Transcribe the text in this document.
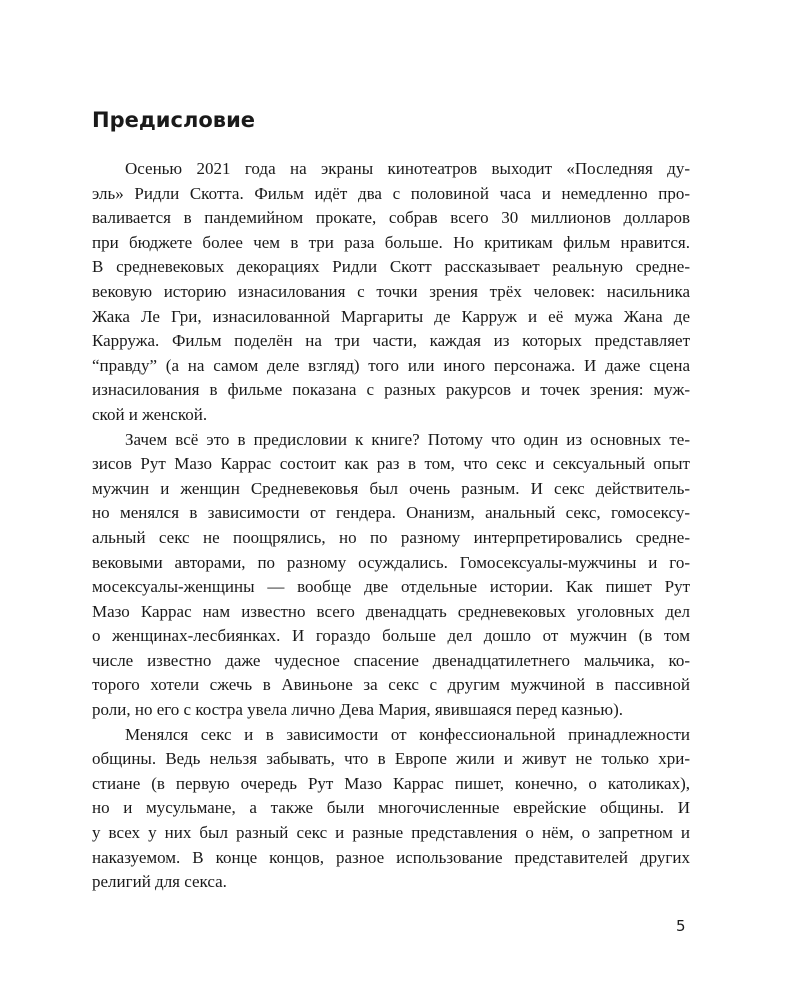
Предисловие
Осенью 2021 года на экраны кинотеатров выходит «Последняя ду-
эль» Ридли Скотта. Фильм идёт два с половиной часа и немедленно про-
валивается в пандемийном прокате, собрав всего 30 миллионов долларов
при бюджете более чем в три раза больше. Но критикам фильм нравится.
В средневековых декорациях Ридли Скотт рассказывает реальную средне-
вековую историю изнасилования с точки зрения трёх человек: насильника
Жака Ле Гри, изнасилованной Маргариты де Карруж и её мужа Жана де
Карружа. Фильм поделён на три части, каждая из которых представляет
“правду” (а на самом деле взгляд) того или иного персонажа. И даже сцена
изнасилования в фильме показана с разных ракурсов и точек зрения: муж-
ской и женской.
Зачем всё это в предисловии к книге? Потому что один из основных те-
зисов Рут Мазо Каррас состоит как раз в том, что секс и сексуальный опыт
мужчин и женщин Средневековья был очень разным. И секс действитель-
но менялся в зависимости от гендера. Онанизм, анальный секс, гомосексу-
альный секс не поощрялись, но по разному интерпретировались средне-
вековыми авторами, по разному осуждались. Гомосексуалы-мужчины и го-
мосексуалы-женщины — вообще две отдельные истории. Как пишет Рут
Мазо Каррас нам известно всего двенадцать средневековых уголовных дел
о женщинах-лесбиянках. И гораздо больше дел дошло от мужчин (в том
числе известно даже чудесное спасение двенадцатилетнего мальчика, ко-
торого хотели сжечь в Авиньоне за секс с другим мужчиной в пассивной
роли, но его с костра увела лично Дева Мария, явившаяся перед казнью).
Менялся секс и в зависимости от конфессиональной принадлежности
общины. Ведь нельзя забывать, что в Европе жили и живут не только хри-
стиане (в первую очередь Рут Мазо Каррас пишет, конечно, о католиках),
но и мусульмане, а также были многочисленные еврейские общины. И
у всех у них был разный секс и разные представления о нём, о запретном и
наказуемом. В конце концов, разное использование представителей других
религий для секса.
5
